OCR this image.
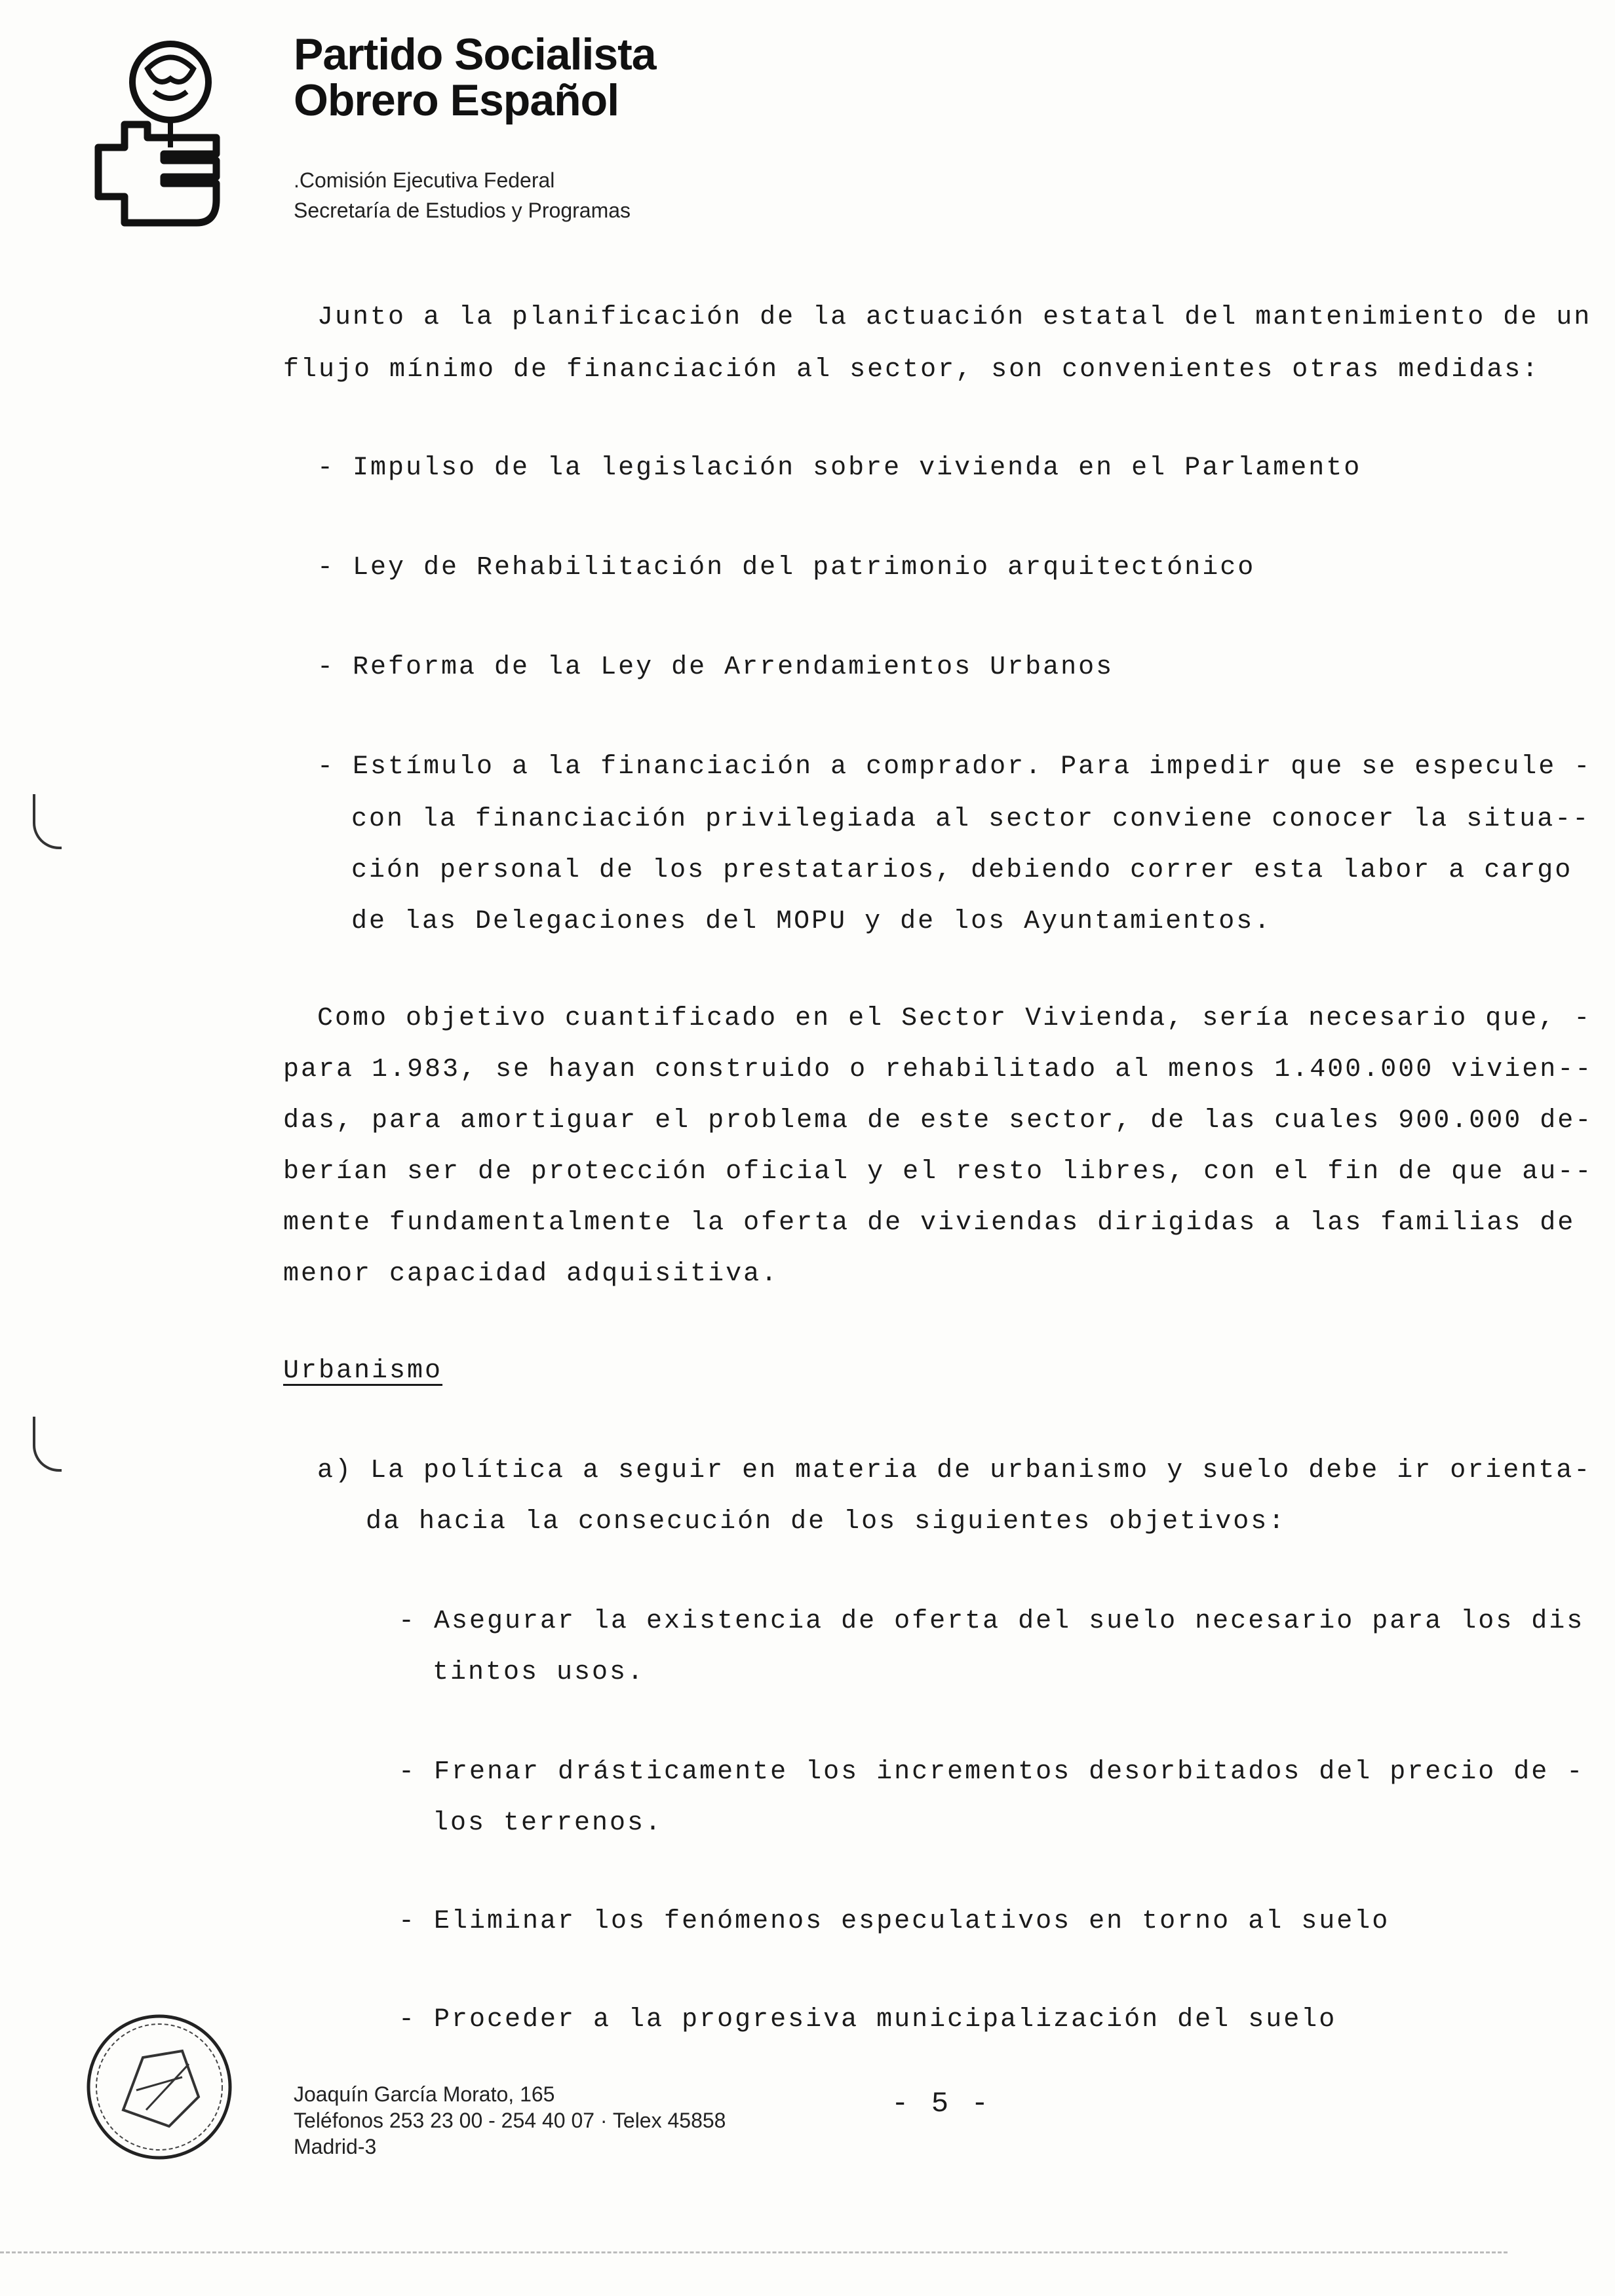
Partido Socialista
Obrero Español
.Comisión Ejecutiva Federal
Secretaría de Estudios y Programas
Junto a la planificación de la actuación estatal del mantenimiento de un
flujo mínimo de financiación al sector, son convenientes otras medidas:
- Impulso de la legislación sobre vivienda en el Parlamento
- Ley de Rehabilitación del patrimonio arquitectónico
- Reforma de la Ley de Arrendamientos Urbanos
- Estímulo a la financiación a comprador. Para impedir que se especule -
con la financiación privilegiada al sector conviene conocer la situa--
ción personal de los prestatarios, debiendo correr esta labor a cargo
de las Delegaciones del MOPU y de los Ayuntamientos.
Como objetivo cuantificado en el Sector Vivienda, sería necesario que, -
para 1.983, se hayan construido o rehabilitado al menos 1.400.000 vivien--
das, para amortiguar el problema de este sector, de las cuales 900.000 de-
berían ser de protección oficial y el resto libres, con el fin de que au--
mente fundamentalmente la oferta de viviendas dirigidas a las familias de
menor capacidad adquisitiva.
Urbanismo
a) La política a seguir en materia de urbanismo y suelo debe ir orienta-
da hacia la consecución de los siguientes objetivos:
- Asegurar la existencia de oferta del suelo necesario para los dis
tintos usos.
- Frenar drásticamente los incrementos desorbitados del precio de -
los terrenos.
- Eliminar los fenómenos especulativos en torno al suelo
- Proceder a la progresiva municipalización del suelo
- 5 -
Joaquín García Morato, 165
Teléfonos 253 23 00 - 254 40 07 · Telex 45858
Madrid-3
